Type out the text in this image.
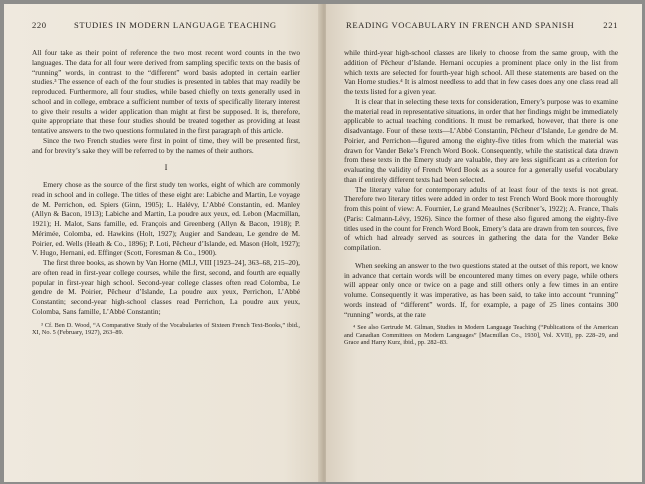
220	STUDIES IN MODERN LANGUAGE TEACHING

All four take as their point of reference the two most recent word counts in the two languages. The data for all four were derived from sampling specific texts on the basis of “running” words, in contrast to the “different” word basis adopted in certain earlier studies.³ The essence of each of the four studies is presented in tables that may readily be reproduced. Furthermore, all four studies, while based chiefly on texts generally used in school and in college, embrace a sufficient number of texts of specifically literary interest to give their results a wider application than might at first be supposed. It is, therefore, quite appropriate that these four studies should be treated together as providing at least tentative answers to the two questions formulated in the first paragraph of this article.

Since the two French studies were first in point of time, they will be presented first, and for brevity’s sake they will be referred to by the names of their authors.

I

Emery chose as the source of the first study ten works, eight of which are commonly read in school and in college. The titles of these eight are: Labiche and Martin, Le voyage de M. Perrichon, ed. Spiers (Ginn, 1905); L. Halévy, L’Abbé Constantin, ed. Manley (Allyn & Bacon, 1913); Labiche and Martin, La poudre aux yeux, ed. Lebon (Macmillan, 1921); H. Malot, Sans famille, ed. François and Greenberg (Allyn & Bacon, 1918); P. Mérimée, Colomba, ed. Hawkins (Holt, 1927); Augier and Sandeau, Le gendre de M. Poirier, ed. Wells (Heath & Co., 1896); P. Loti, Pêcheur d’Islande, ed. Mason (Holt, 1927); V. Hugo, Hernani, ed. Effinger (Scott, Foresman & Co., 1900).

The first three books, as shown by Van Horne (MLJ, VIII [1923–24], 363–68, 215–20), are often read in first-year college courses, while the first, second, and fourth are equally popular in first-year high school. Second-year college classes often read Colomba, Le gendre de M. Poirier, Pêcheur d’Islande, La poudre aux yeux, Perrichon, L’Abbé Constantin; second-year high-school classes read Perrichon, La poudre aux yeux, Colomba, Sans famille, L’Abbé Constantin;

³ Cf. Ben D. Wood, “A Comparative Study of the Vocabularies of Sixteen French Text-Books,” ibid., XI, No. 5 (February, 1927), 263–89.
READING VOCABULARY IN FRENCH AND SPANISH	221

while third-year high-school classes are likely to choose from the same group, with the addition of Pêcheur d’Islande. Hernani occupies a prominent place only in the list from which texts are selected for fourth-year high school. All these statements are based on the Van Horne studies.⁴ It is almost needless to add that in few cases does any one class read all the texts listed for a given year.

It is clear that in selecting these texts for consideration, Emery’s purpose was to examine the material read in representative situations, in order that her findings might be immediately applicable to actual teaching conditions. It must be remarked, however, that there is one disadvantage. Four of these texts—L’Abbé Constantin, Pêcheur d’Islande, Le gendre de M. Poirier, and Perrichon—figured among the eighty-five titles from which the material was drawn for Vander Beke’s French Word Book. Consequently, while the statistical data drawn from these texts in the Emery study are valuable, they are less significant as a criterion for evaluating the validity of French Word Book as a source for a generally useful vocabulary than if entirely different texts had been selected.

The literary value for contemporary adults of at least four of the texts is not great. Therefore two literary titles were added in order to test French Word Book more thoroughly from this point of view: A. Fournier, Le grand Meaulnes (Scribner’s, 1922); A. France, Thaïs (Paris: Calmann-Lévy, 1926). Since the former of these also figured among the eighty-five titles used in the count for French Word Book, Emery’s data are drawn from ten sources, five of which had already served as sources in gathering the data for the Vander Beke compilation.

When seeking an answer to the two questions stated at the outset of this report, we know in advance that certain words will be encountered many times on every page, while others will appear only once or twice on a page and still others only a few times in an entire volume. Consequently it was imperative, as has been said, to take into account “running” words instead of “different” words. If, for example, a page of 25 lines contains 300 “running” words, at the rate

⁴ See also Gertrude M. Gilman, Studies in Modern Language Teaching (“Publications of the American and Canadian Committees on Modern Languages” [Macmillan Co., 1930], Vol. XVII), pp. 228–29, and Grace and Harry Kurz, ibid., pp. 282–83.
